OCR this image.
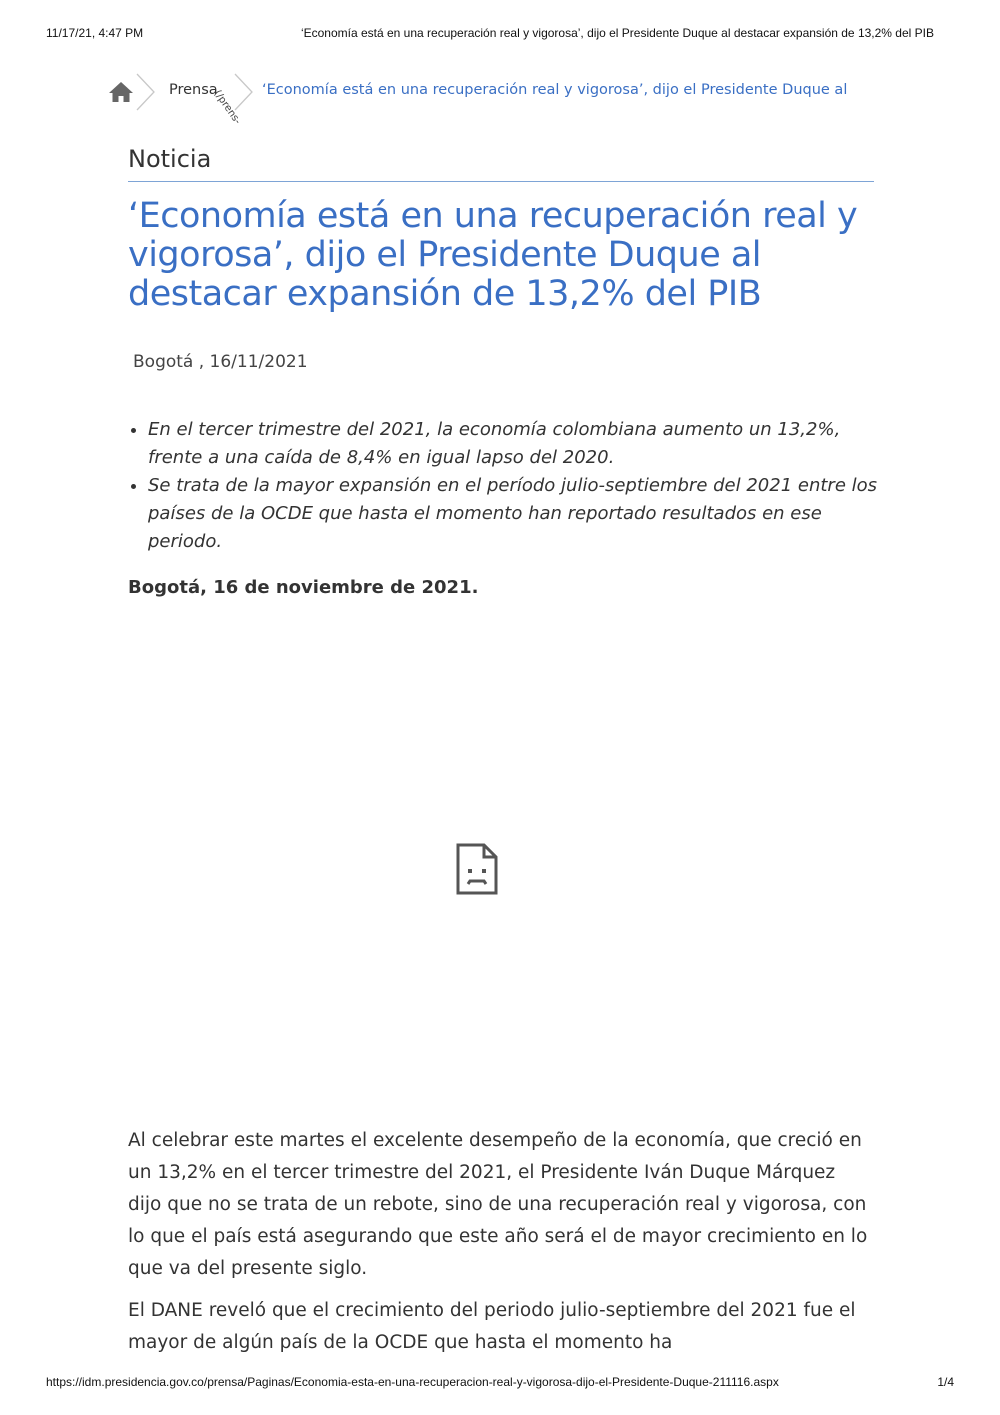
11/17/21, 4:47 PM	‘Economía está en una recuperación real y vigorosa’, dijo el Presidente Duque al destacar expansión de 13,2% del PIB
Prensa
(/prens- ‘Economía está en una recuperación real y vigorosa’, dijo el Presidente Duque al
Noticia
‘Economía está en una recuperación real y vigorosa’, dijo el Presidente Duque al destacar expansión de 13,2% del PIB
Bogotá , 16/11/2021
• En el tercer trimestre del 2021, la economía colombiana aumento un 13,2%, frente a una caída de 8,4% en igual lapso del 2020.
• Se trata de la mayor expansión en el período julio-septiembre del 2021 entre los países de la OCDE que hasta el momento han reportado resultados en ese periodo.
Bogotá, 16 de noviembre de 2021.

Al celebrar este martes el excelente desempeño de la economía, que creció en un 13,2% en el tercer trimestre del 2021, el Presidente Iván Duque Márquez dijo que no se trata de un rebote, sino de una recuperación real y vigorosa, con lo que el país está asegurando que este año será el de mayor crecimiento en lo que va del presente siglo.

El DANE reveló que el crecimiento del periodo julio-septiembre del 2021 fue el mayor de algún país de la OCDE que hasta el momento ha

https://idm.presidencia.gov.co/prensa/Paginas/Economia-esta-en-una-recuperacion-real-y-vigorosa-dijo-el-Presidente-Duque-211116.aspx	1/4
